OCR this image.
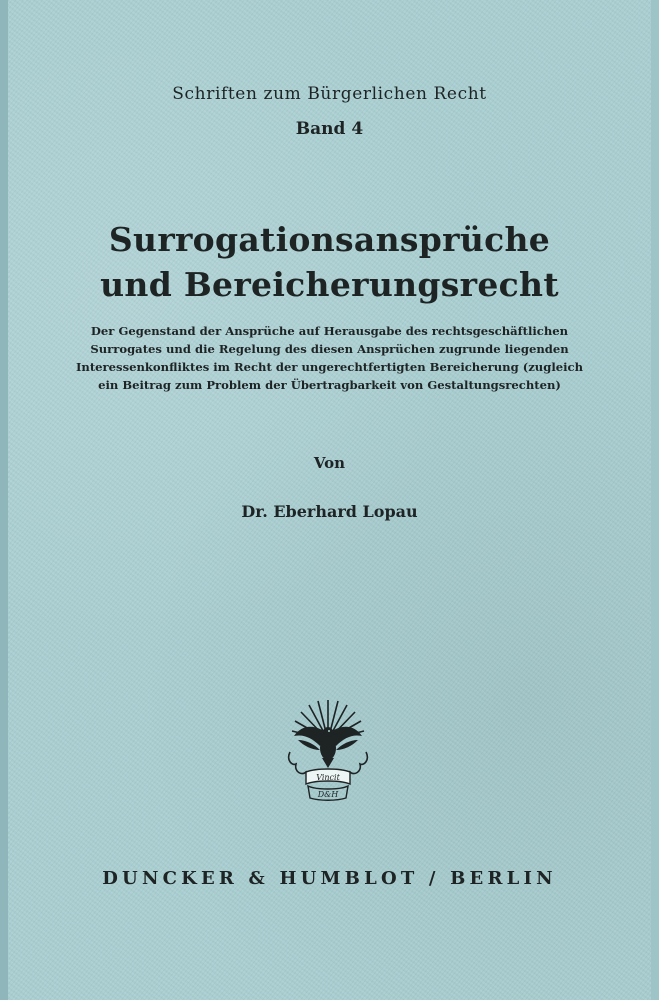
Schriften zum Bürgerlichen Recht
Band 4
Surrogationsansprüche
und Bereicherungsrecht
Der Gegenstand der Ansprüche auf Herausgabe des rechtsgeschäftlichen
Surrogates und die Regelung des diesen Ansprüchen zugrunde liegenden
Interessenkonfliktes im Recht der ungerechtfertigten Bereicherung (zugleich
ein Beitrag zum Problem der Übertragbarkeit von Gestaltungsrechten)
Von
Dr. Eberhard Lopau
Vincit
D&H
DUNCKER & HUMBLOT / BERLIN
